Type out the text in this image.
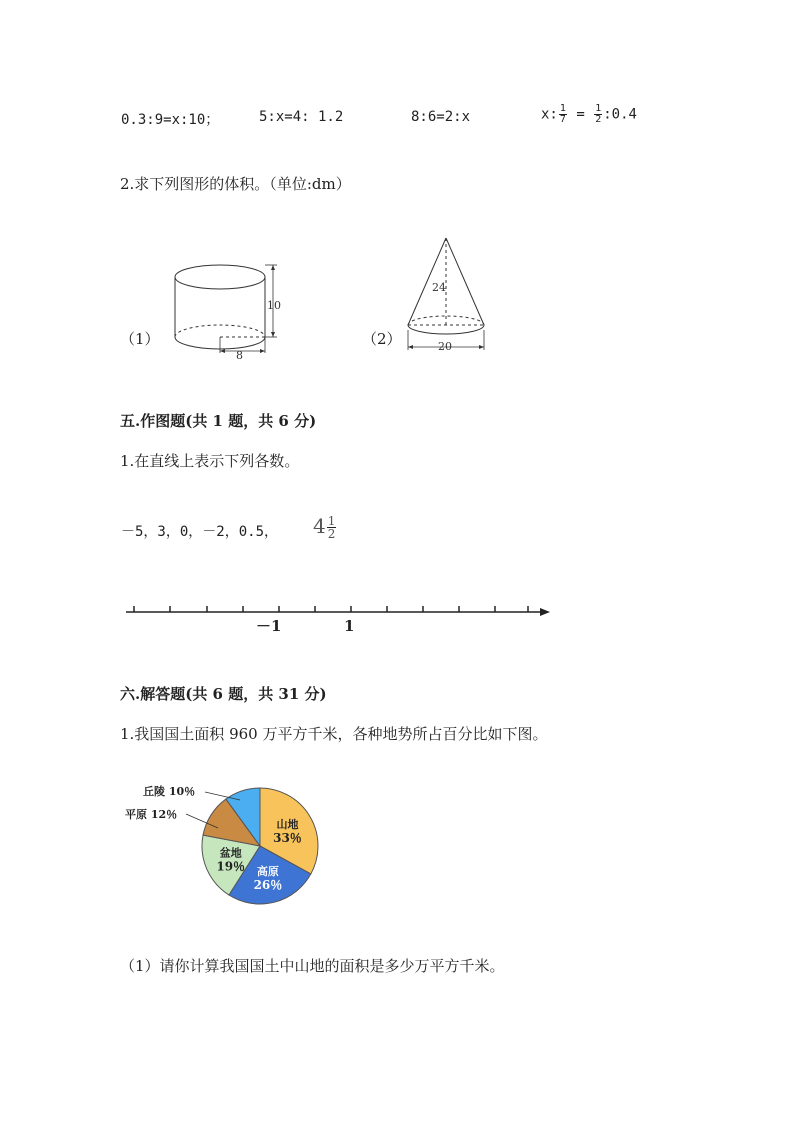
0.3:9=x:10；	5:x=4: 1.2	8:6=2:x	x: $\frac{1}{7} = \frac{1}{2}$ :0.4
2.求下列图形的体积。（单位:dm）
（1）	（2）
10
8
24
20
五.作图题(共 1 题，共 6 分)
1.在直线上表示下列各数。
－5，3，0，－2，0.5， $4 \frac{1}{2}$
－1	1
六.解答题(共 6 题，共 31 分)
1.我国国土面积 960 万平方千米，各种地势所占百分比如下图。
山地
33％
高原
26％
盆地
19％
丘陵 10％
平原 12％
（1）请你计算我国国土中山地的面积是多少万平方千米。
